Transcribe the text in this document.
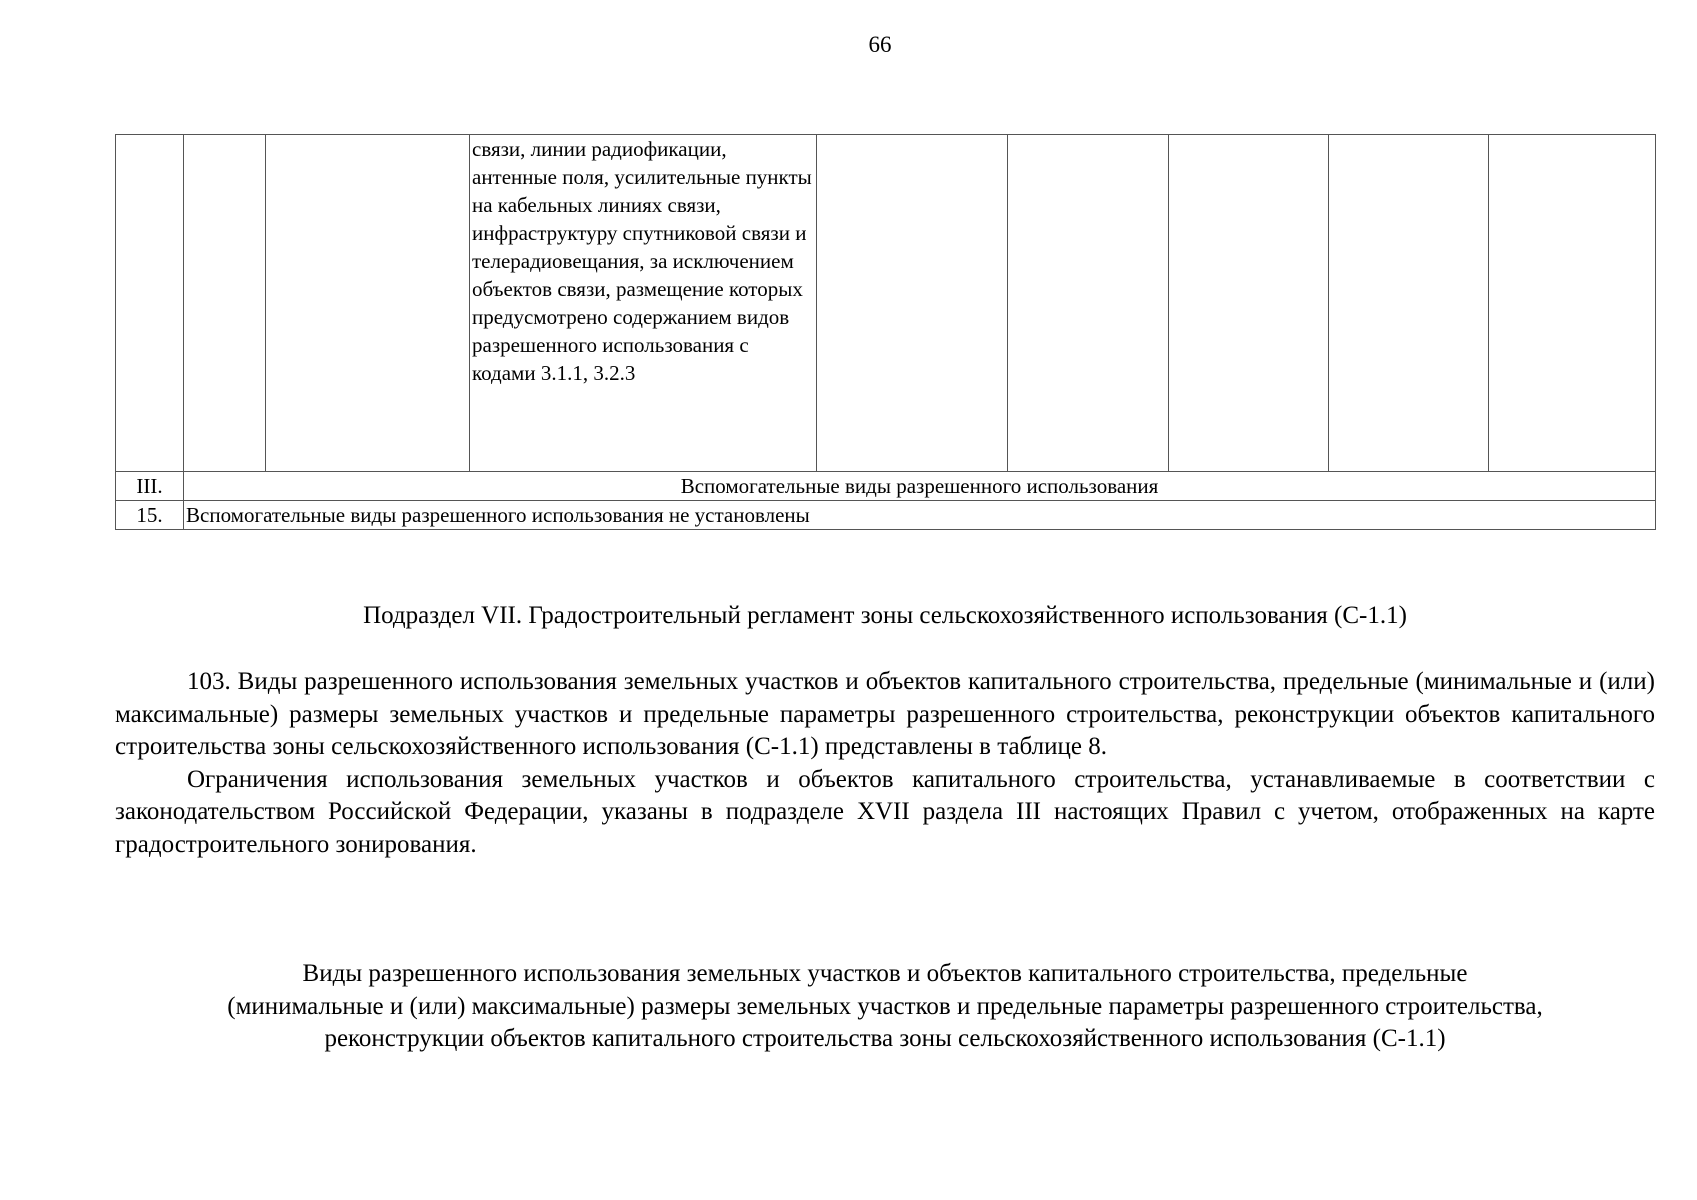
66
			связи, линии радиофикации, антенные поля, усилительные пункты на кабельных линиях связи, инфраструктуру спутниковой связи и телерадиовещания, за исключением объектов связи, размещение которых предусмотрено содержанием видов разрешенного использования с кодами 3.1.1, 3.2.3					
III.	Вспомогательные виды разрешенного использования							
15.	Вспомогательные виды разрешенного использования не установлены							
Подраздел VII. Градостроительный регламент зоны сельскохозяйственного использования (С-1.1)

103. Виды разрешенного использования земельных участков и объектов капитального строительства, предельные (минимальные и (или) максимальные) размеры земельных участков и предельные параметры разрешенного строительства, реконструкции объектов капитального строительства зоны сельскохозяйственного использования (С-1.1) представлены в таблице 8.

Ограничения использования земельных участков и объектов капитального строительства, устанавливаемые в соответствии с законодательством Российской Федерации, указаны в подразделе XVII раздела III настоящих Правил с учетом, отображенных на карте градостроительного зонирования.

Виды разрешенного использования земельных участков и объектов капитального строительства, предельные

(минимальные и (или) максимальные) размеры земельных участков и предельные параметры разрешенного строительства,

реконструкции объектов капитального строительства зоны сельскохозяйственного использования (С-1.1)
